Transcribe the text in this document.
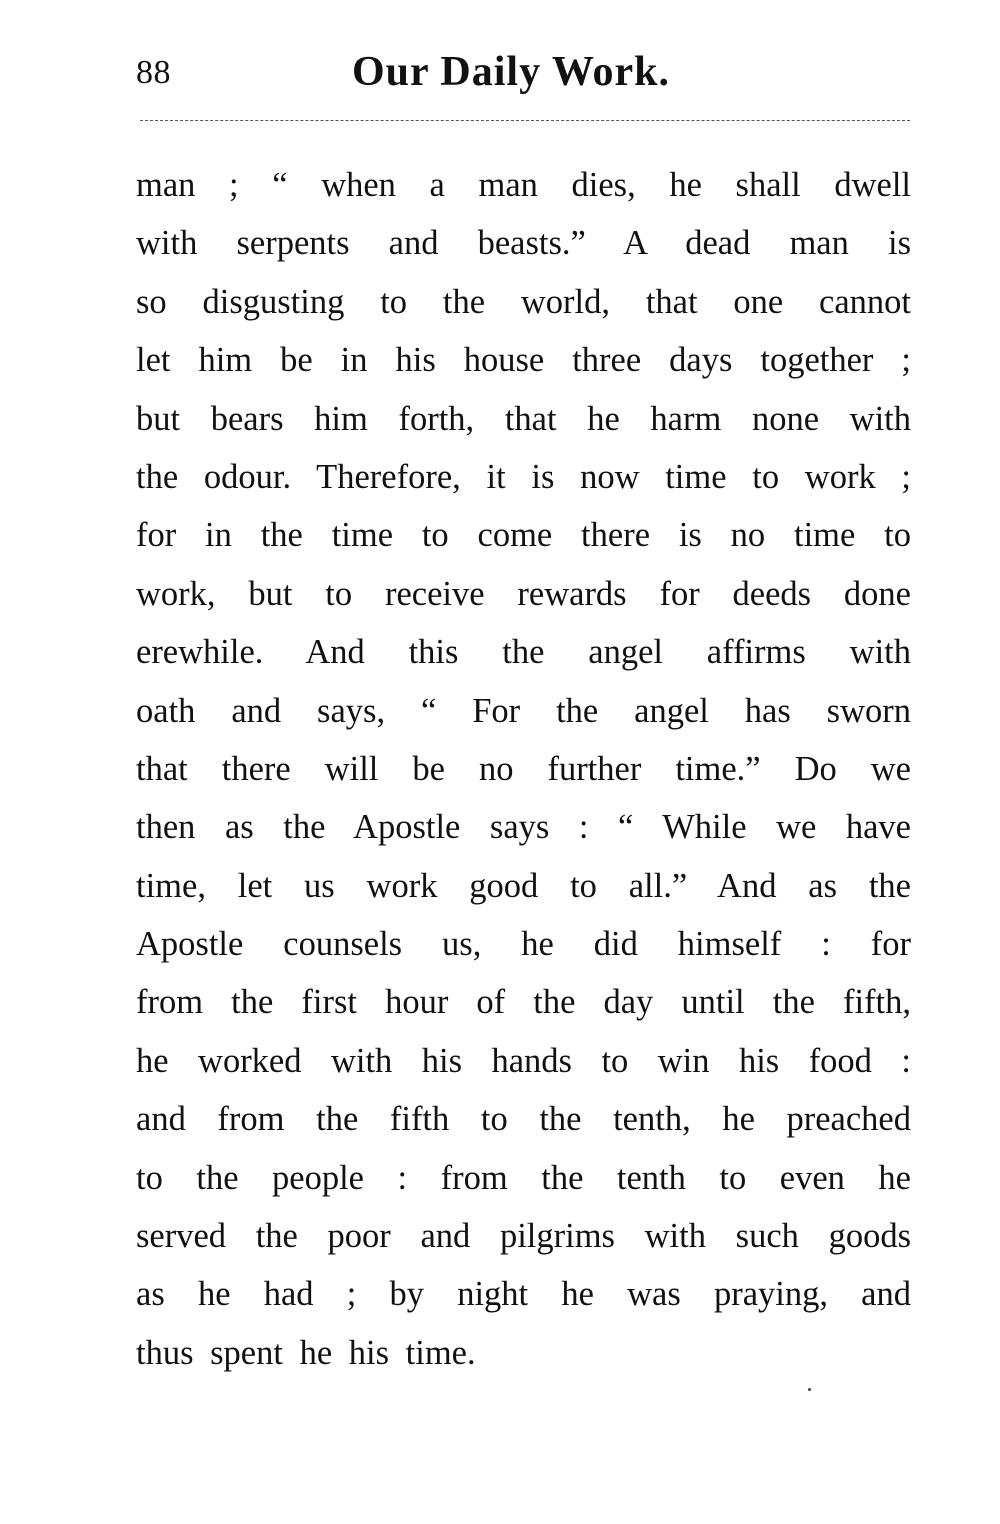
88	Our Daily Work.
man ; “ when a man dies, he shall dwell
with serpents and beasts.” A dead man is
so disgusting to the world, that one cannot
let him be in his house three days together ;
but bears him forth, that he harm none with
the odour. Therefore, it is now time to work ;
for in the time to come there is no time to
work, but to receive rewards for deeds done
erewhile. And this the angel affirms with
oath and says, “ For the angel has sworn
that there will be no further time.” Do we
then as the Apostle says : “ While we have
time, let us work good to all.” And as the
Apostle counsels us, he did himself : for
from the first hour of the day until the fifth,
he worked with his hands to win his food :
and from the fifth to the tenth, he preached
to the people : from the tenth to even he
served the poor and pilgrims with such goods
as he had ; by night he was praying, and
thus spent he his time.
